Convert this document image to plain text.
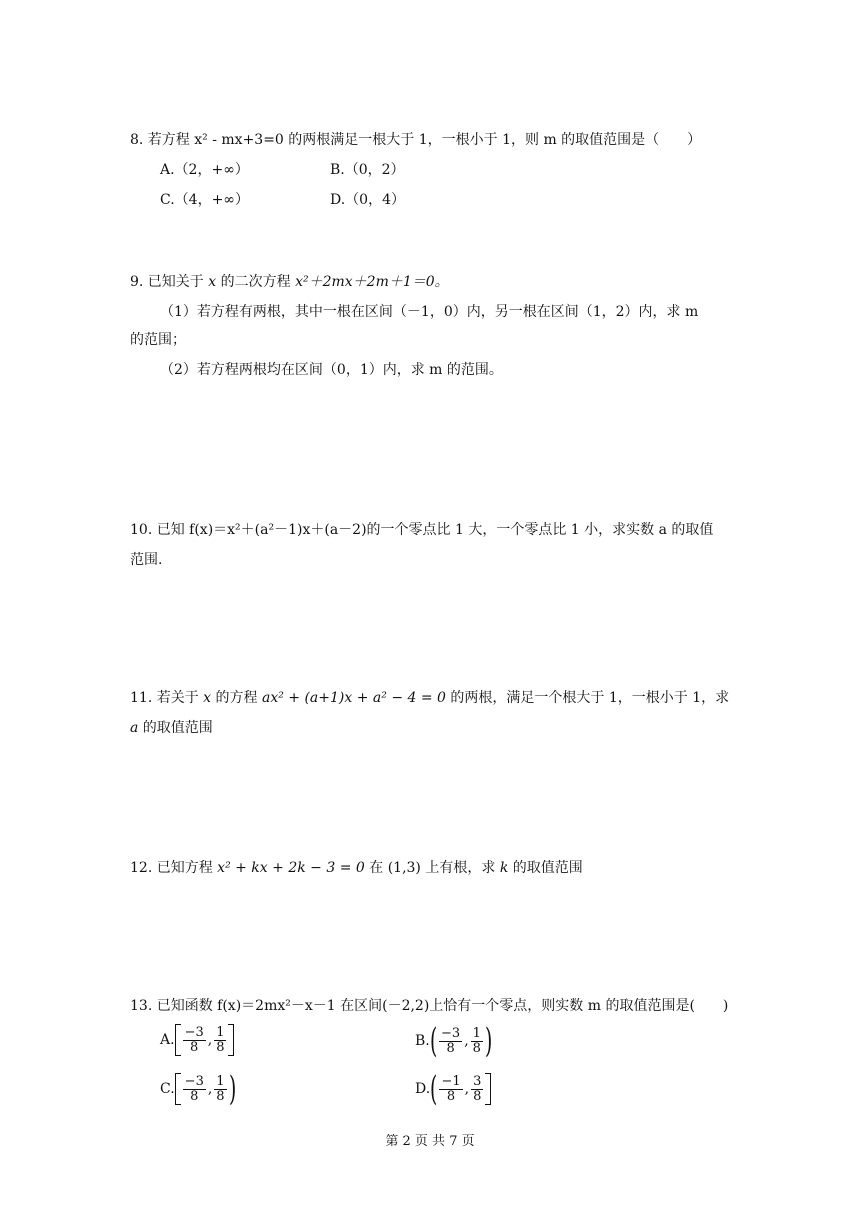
8. 若方程 x² ‑ mx+3=0 的两根满足一根大于 1，一根小于 1，则 m 的取值范围是（　　）
A.（2，+∞）	B.（0，2）
C.（4，+∞）	D.（0，4）
9. 已知关于 x 的二次方程 x²＋2mx＋2m＋1＝0。
（1）若方程有两根，其中一根在区间（－1，0）内，另一根在区间（1，2）内，求 m
的范围；
（2）若方程两根均在区间（0，1）内，求 m 的范围。
10. 已知 f(x)＝x²＋(a²－1)x＋(a－2)的一个零点比 1 大，一个零点比 1 小，求实数 a 的取值
范围.
11. 若关于 x 的方程 ax² + (a+1)x + a² − 4 = 0 的两根，满足一个根大于 1，一根小于 1，求
a 的取值范围
12. 已知方程 x² + kx + 2k − 3 = 0 在 (1,3) 上有根，求 k 的取值范围
13. 已知函数 f(x)＝2mx²－x－1 在区间(－2,2)上恰有一个零点，则实数 m 的取值范围是(　　)
A. $\frac{-3}{8}$ , $\frac{1}{8}$	B. ( $\frac{-3}{8}$ , $\frac{1}{8}$ )
C. $\frac{-3}{8}$ , $\frac{1}{8}$ )	D. ( $\frac{-1}{8}$ , $\frac{3}{8}$
第 2 页 共 7 页
